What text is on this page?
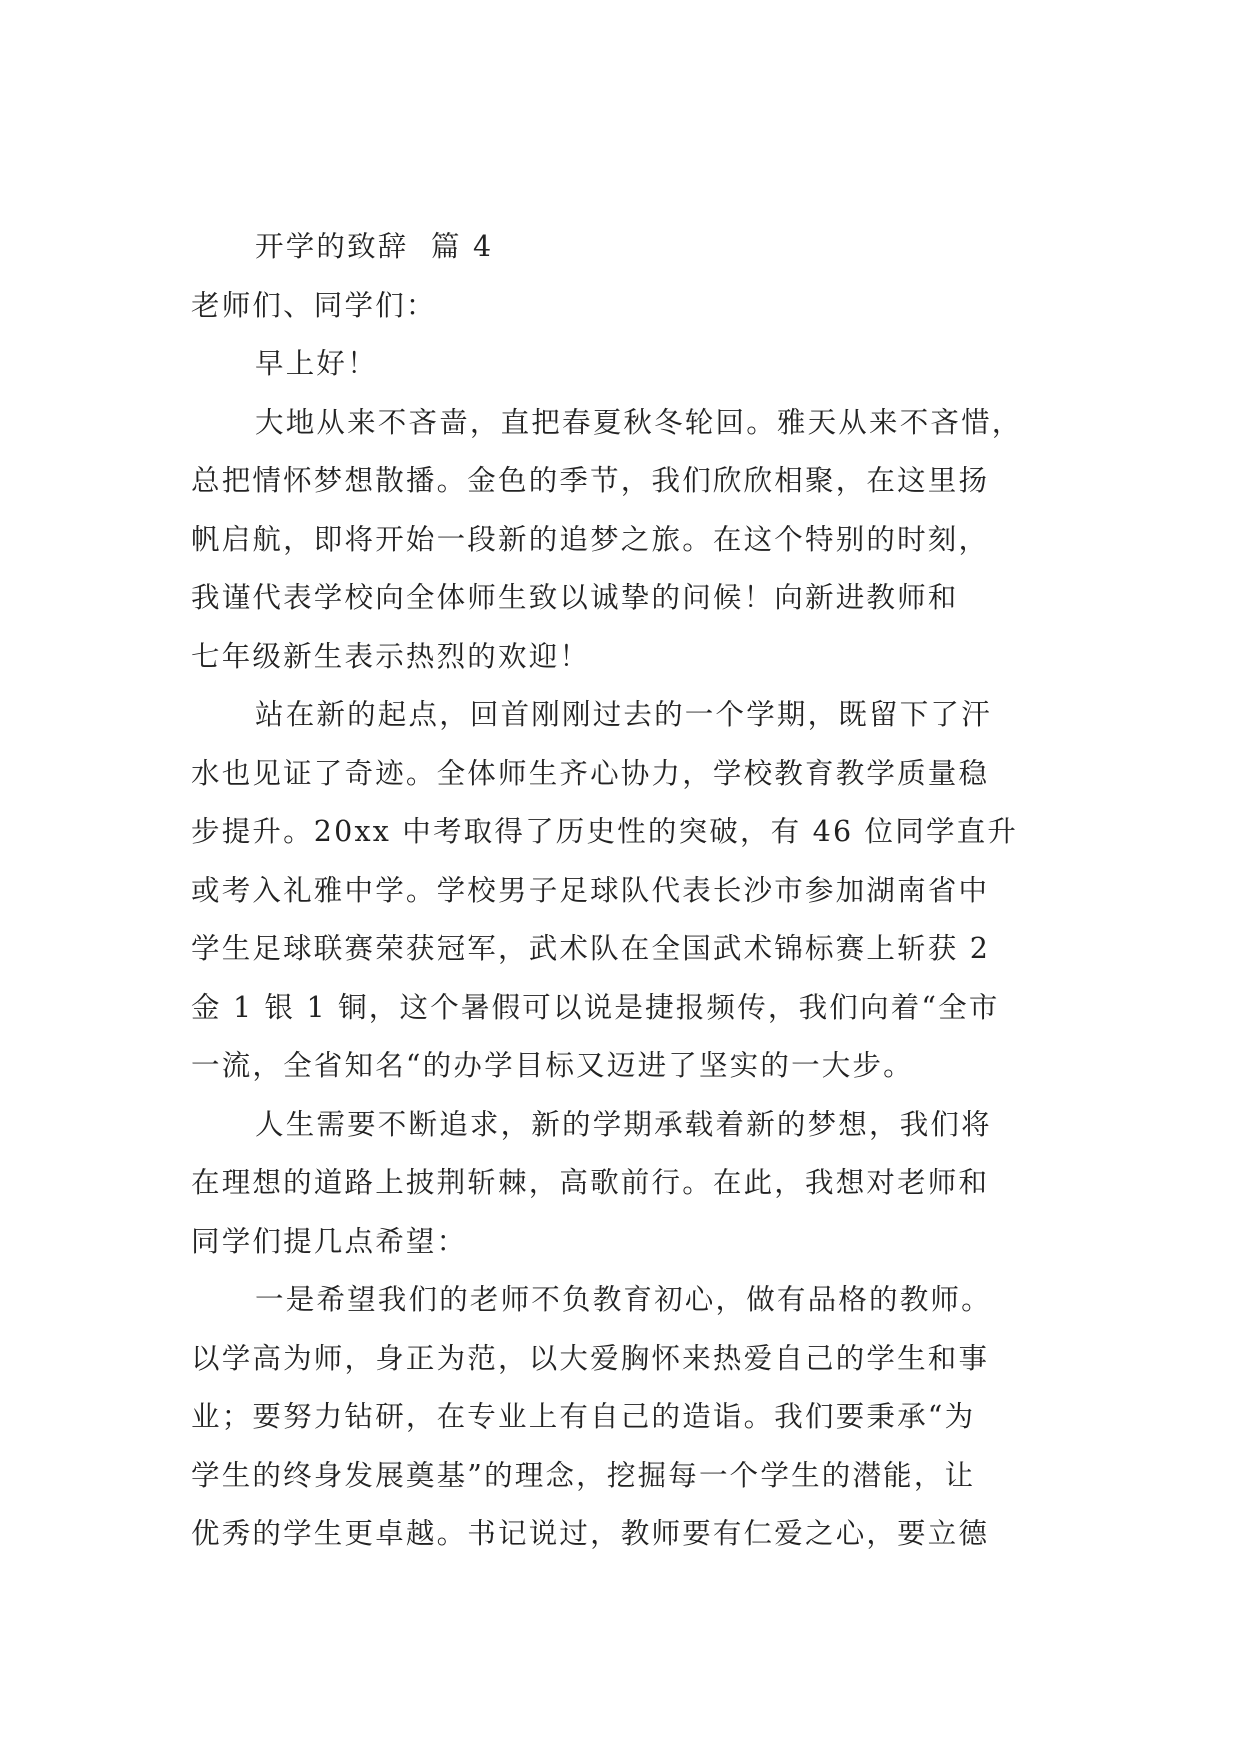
开学的致辞  篇 4
老师们、同学们：
早上好！
大地从来不吝啬，直把春夏秋冬轮回。雅天从来不吝惜，
总把情怀梦想散播。金色的季节，我们欣欣相聚，在这里扬
帆启航，即将开始一段新的追梦之旅。在这个特别的时刻，
我谨代表学校向全体师生致以诚挚的问候！向新进教师和
七年级新生表示热烈的欢迎！
站在新的起点，回首刚刚过去的一个学期，既留下了汗
水也见证了奇迹。全体师生齐心协力，学校教育教学质量稳
步提升。20xx 中考取得了历史性的突破，有 46 位同学直升
或考入礼雅中学。学校男子足球队代表长沙市参加湖南省中
学生足球联赛荣获冠军，武术队在全国武术锦标赛上斩获 2
金 1 银 1 铜，这个暑假可以说是捷报频传，我们向着“全市
一流，全省知名“的办学目标又迈进了坚实的一大步。
人生需要不断追求，新的学期承载着新的梦想，我们将
在理想的道路上披荆斩棘，高歌前行。在此，我想对老师和
同学们提几点希望：
一是希望我们的老师不负教育初心，做有品格的教师。
以学高为师，身正为范，以大爱胸怀来热爱自己的学生和事
业；要努力钻研，在专业上有自己的造诣。我们要秉承“为
学生的终身发展奠基”的理念，挖掘每一个学生的潜能，让
优秀的学生更卓越。书记说过，教师要有仁爱之心，要立德
